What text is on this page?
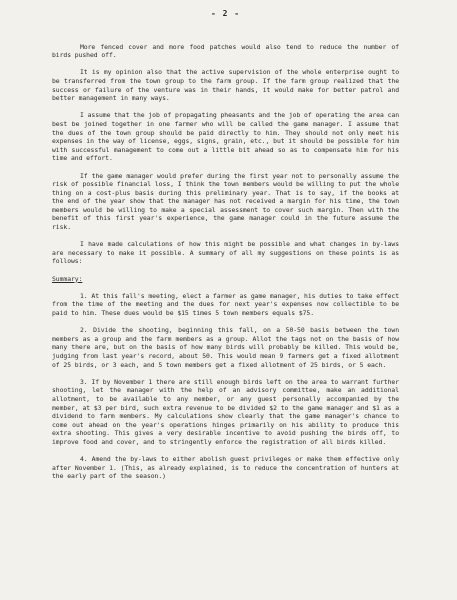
- 2 -

More fenced cover and more food patches would also tend to reduce the number of birds pushed off.

It is my opinion also that the active supervision of the whole enterprise ought to be transferred from the town group to the farm group. If the farm group realized that the success or failure of the venture was in their hands, it would make for better patrol and better management in many ways.

I assume that the job of propagating pheasants and the job of operating the area can best be joined together in one farmer who will be called the game manager. I assume that the dues of the town group should be paid directly to him. They should not only meet his expenses in the way of license, eggs, signs, grain, etc., but it should be possible for him with successful management to come out a little bit ahead so as to compensate him for his time and effort.

If the game manager would prefer during the first year not to personally assume the risk of possible financial loss, I think the town members would be willing to put the whole thing on a cost-plus basis during this preliminary year. That is to say, if the books at the end of the year show that the manager has not received a margin for his time, the town members would be willing to make a special assessment to cover such margin. Then with the benefit of this first year's experience, the game manager could in the future assume the risk.

I have made calculations of how this might be possible and what changes in by-laws are necessary to make it possible. A summary of all my suggestions on these points is as follows:

Summary:

1. At this fall's meeting, elect a farmer as game manager, his duties to take effect from the time of the meeting and the dues for next year's expenses now collectible to be paid to him. These dues would be $15 times 5 town members equals $75.

2. Divide the shooting, beginning this fall, on a 50-50 basis between the town members as a group and the farm members as a group. Allot the tags not on the basis of how many there are, but on the basis of how many birds will probably be killed. This would be, judging from last year's record, about 50. This would mean 9 farmers get a fixed allotment of 25 birds, or 3 each, and 5 town members get a fixed allotment of 25 birds, or 5 each.

3. If by November 1 there are still enough birds left on the area to warrant further shooting, let the manager with the help of an advisory committee, make an additional allotment, to be available to any member, or any guest personally accompanied by the member, at $3 per bird, such extra revenue to be divided $2 to the game manager and $1 as a dividend to farm members. My calculations show clearly that the game manager's chance to come out ahead on the year's operations hinges primarily on his ability to produce this extra shooting. This gives a very desirable incentive to avoid pushing the birds off, to improve food and cover, and to stringently enforce the registration of all birds killed.

4. Amend the by-laws to either abolish guest privileges or make them effective only after November 1. (This, as already explained, is to reduce the concentration of hunters at the early part of the season.)
